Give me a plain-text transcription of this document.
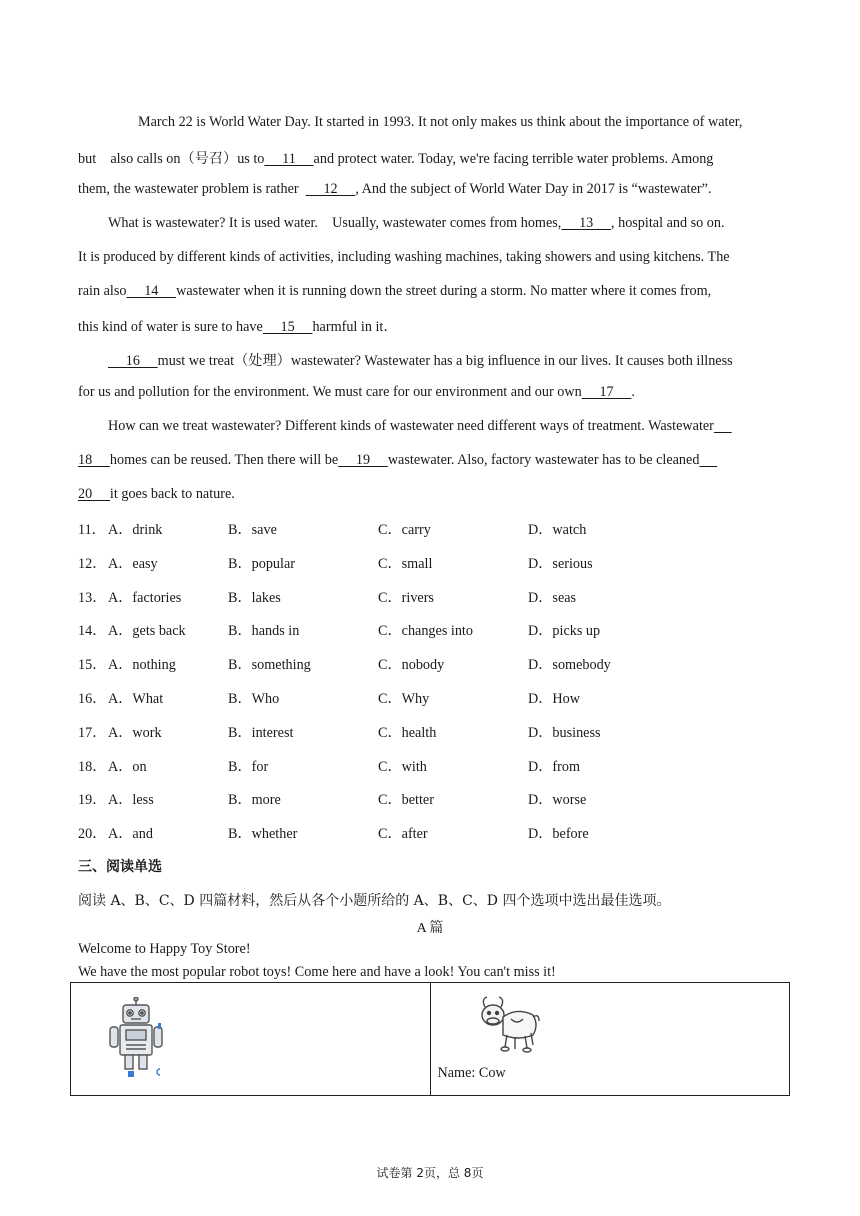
March 22 is World Water Day. It started in 1993. It not only makes us think about the importance of water,
but    also calls on（号召）us to     11     and protect water. Today, we're facing terrible water problems. Among
them, the wastewater problem is rather       12     , And the subject of World Water Day in 2017 is “wastewater”.
What is wastewater? It is used water.    Usually, wastewater comes from homes,     13     , hospital and so on.
It is produced by different kinds of activities, including washing machines, taking showers and using kitchens. The
rain also     14     wastewater when it is running down the street during a storm. No matter where it comes from,
this kind of water is sure to have     15     harmful in it．
16     must we treat（处理）wastewater? Wastewater has a big influence in our lives. It causes both illness
for us and pollution for the environment. We must care for our environment and our own     17     .
How can we treat wastewater? Different kinds of wastewater need different ways of treatment. Wastewater
18     homes can be reused. Then there will be     19     wastewater. Also, factory wastewater has to be cleaned
20     it goes back to nature.
11． A．drink	B．save	C．carry	D．watch
12． A．easy	B．popular	C．small	D．serious
13． A．factories	B．lakes	C．rivers	D．seas
14． A．gets back	B．hands in	C．changes into	D．picks up
15． A．nothing	B．something	C．nobody	D．somebody
16． A．What	B．Who	C．Why	D．How
17． A．work	B．interest	C．health	D．business
18． A．on	B．for	C．with	D．from
19． A．less	B．more	C．better	D．worse
20． A．and	B．whether	C．after	D．before
三、阅读单选
阅读 A、B、C、D 四篇材料，然后从各个小题所给的 A、B、C、D 四个选项中选出最佳选项。
A 篇
Welcome to Happy Toy Store!
We have the most popular robot toys! Come here and have a look! You can't miss it!

Name: Cow
试卷第 2页，总 8页
